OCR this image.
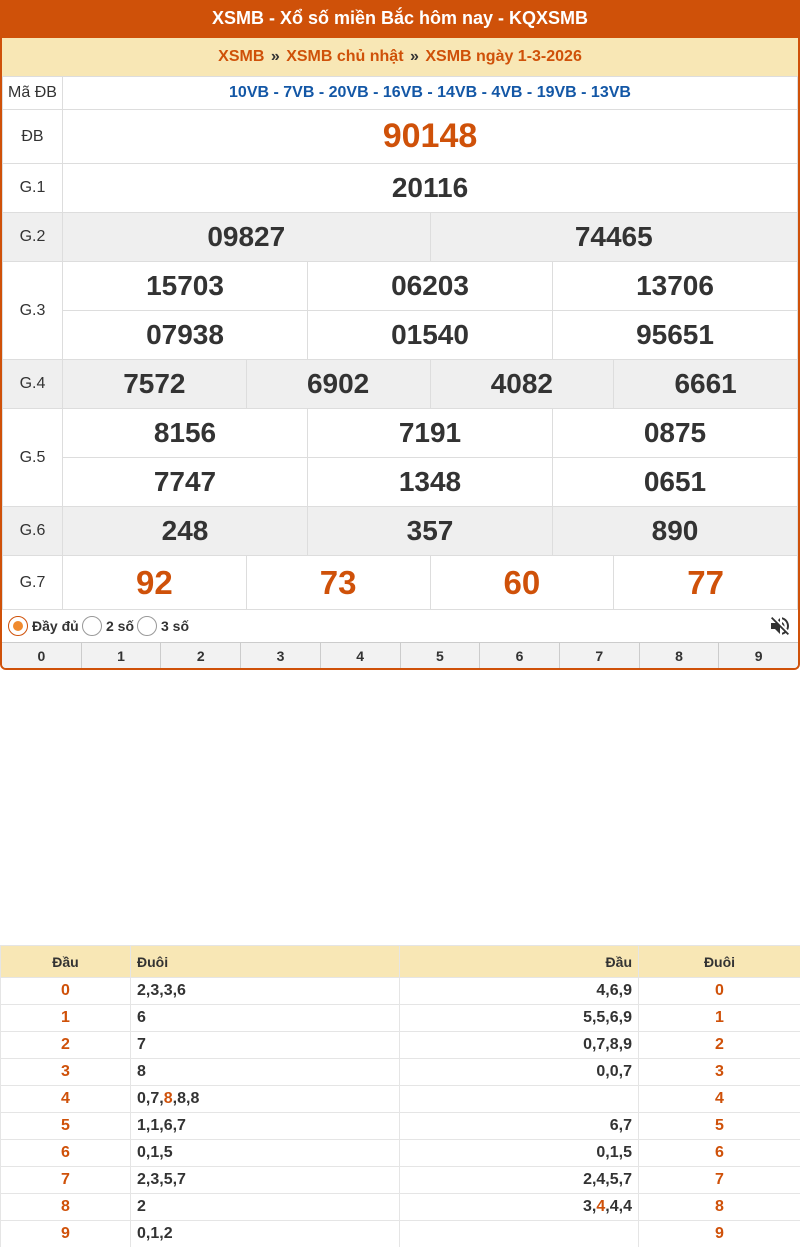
XSMB - Xổ số miền Bắc hôm nay - KQXSMB
XSMB » XSMB chủ nhật » XSMB ngày 1-3-2026
Mã ĐB	10VB - 7VB - 20VB - 16VB - 14VB - 4VB - 19VB - 13VB					
ĐB	90148					
G.1	20116					
G.2	09827			74465		
G.3	15703		06203		13706	
	07938		01540		95651	
G.4	7572	6902		4082		6661
G.5	8156		7191		0875	
	7747		1348		0651	
G.6	248		357		890	
G.7	92	73		60		77
Đầy đủ 2 số 3 số
0	1	2	3	4	5	6	7	8	9
Đầu	Đuôi	Đầu	Đuôi
0	2,3,3,6	4,6,9	0
1	6	5,5,6,9	1
2	7	0,7,8,9	2
3	8	0,0,7	3
4	0,7,8,8,8		4
5	1,1,6,7	6,7	5
6	0,1,5	0,1,5	6
7	2,3,5,7	2,4,5,7	7
8	2	3,4,4,4	8
9	0,1,2		9
